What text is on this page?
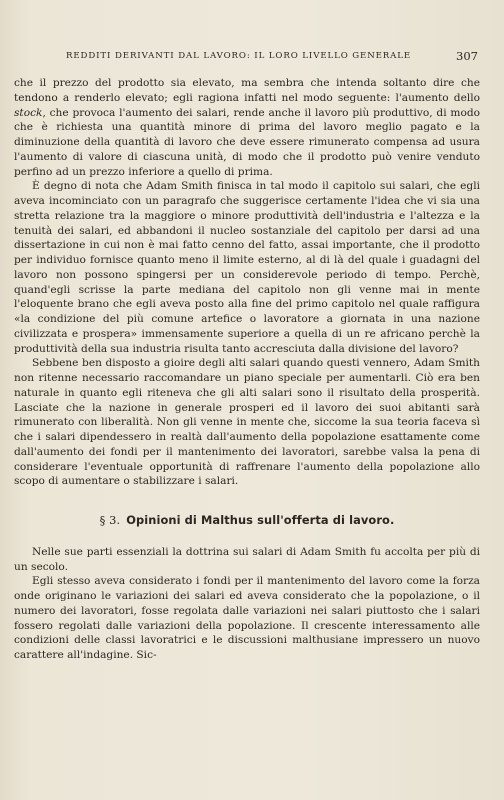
REDDITI DERIVANTI DAL LAVORO: IL LORO LIVELLO GENERALE	307

che il prezzo del prodotto sia elevato, ma sembra che intenda soltanto dire che tendono a renderlo elevato; egli ragiona infatti nel modo seguente: l'aumento dello stock, che provoca l'aumento dei salari, rende anche il lavoro più produttivo, di modo che è richiesta una quantità minore di prima del lavoro meglio pagato e la diminuzione della quantità di lavoro che deve essere rimunerato compensa ad usura l'aumento di valore di ciascuna unità, di modo che il prodotto può venire venduto perfino ad un prezzo inferiore a quello di prima.

È degno di nota che Adam Smith finisca in tal modo il capitolo sui salari, che egli aveva incominciato con un paragrafo che suggerisce certamente l'idea che vi sia una stretta relazione tra la maggiore o minore produttività dell'industria e l'altezza e la tenuità dei salari, ed abbandoni il nucleo sostanziale del capitolo per darsi ad una dissertazione in cui non è mai fatto cenno del fatto, assai importante, che il prodotto per individuo fornisce quanto meno il limite esterno, al di là del quale i guadagni del lavoro non possono spingersi per un considerevole periodo di tempo. Perchè, quand'egli scrisse la parte mediana del capitolo non gli venne mai in mente l'eloquente brano che egli aveva posto alla fine del primo capitolo nel quale raffigura «la condizione del più comune artefice o lavoratore a giornata in una nazione civilizzata e prospera» immensamente superiore a quella di un re africano perchè la produttività della sua industria risulta tanto accresciuta dalla divisione del lavoro?

Sebbene ben disposto a gioire degli alti salari quando questi vennero, Adam Smith non ritenne necessario raccomandare un piano speciale per aumentarli. Ciò era ben naturale in quanto egli riteneva che gli alti salari sono il risultato della prosperità. Lasciate che la nazione in generale prosperi ed il lavoro dei suoi abitanti sarà rimunerato con liberalità. Non gli venne in mente che, siccome la sua teoria faceva sì che i salari dipendessero in realtà dall'aumento della popolazione esattamente come dall'aumento dei fondi per il mantenimento dei lavoratori, sarebbe valsa la pena di considerare l'eventuale opportunità di raffrenare l'aumento della popolazione allo scopo di aumentare o stabilizzare i salari.

§ 3. Opinioni di Malthus sull'offerta di lavoro.

Nelle sue parti essenziali la dottrina sui salari di Adam Smith fu accolta per più di un secolo.

Egli stesso aveva considerato i fondi per il mantenimento del lavoro come la forza onde originano le variazioni dei salari ed aveva considerato che la popolazione, o il numero dei lavoratori, fosse regolata dalle variazioni nei salari piuttosto che i salari fossero regolati dalle variazioni della popolazione. Il crescente interessamento alle condizioni delle classi lavoratrici e le discussioni malthusiane impressero un nuovo carattere all'indagine. Sic-
